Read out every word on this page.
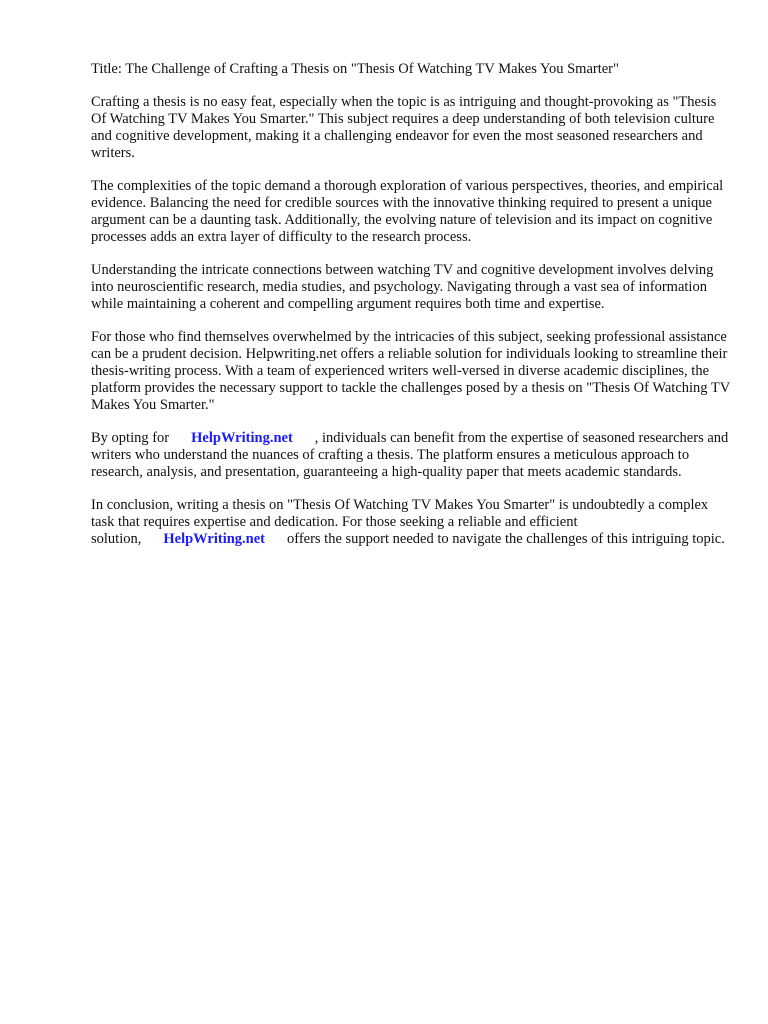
Title: The Challenge of Crafting a Thesis on "Thesis Of Watching TV Makes You Smarter"

Crafting a thesis is no easy feat, especially when the topic is as intriguing and thought-provoking as "Thesis Of Watching TV Makes You Smarter." This subject requires a deep understanding of both television culture and cognitive development, making it a challenging endeavor for even the most seasoned researchers and writers.

The complexities of the topic demand a thorough exploration of various perspectives, theories, and empirical evidence. Balancing the need for credible sources with the innovative thinking required to present a unique argument can be a daunting task. Additionally, the evolving nature of television and its impact on cognitive processes adds an extra layer of difficulty to the research process.

Understanding the intricate connections between watching TV and cognitive development involves delving into neuroscientific research, media studies, and psychology. Navigating through a vast sea of information while maintaining a coherent and compelling argument requires both time and expertise.

For those who find themselves overwhelmed by the intricacies of this subject, seeking professional assistance can be a prudent decision. Helpwriting.net offers a reliable solution for individuals looking to streamline their thesis-writing process. With a team of experienced writers well-versed in diverse academic disciplines, the platform provides the necessary support to tackle the challenges posed by a thesis on "Thesis Of Watching TV Makes You Smarter."

By opting for HelpWriting.net , individuals can benefit from the expertise of seasoned researchers and writers who understand the nuances of crafting a thesis. The platform ensures a meticulous approach to research, analysis, and presentation, guaranteeing a high-quality paper that meets academic standards.

In conclusion, writing a thesis on "Thesis Of Watching TV Makes You Smarter" is undoubtedly a complex task that requires expertise and dedication. For those seeking a reliable and efficient solution, HelpWriting.net offers the support needed to navigate the challenges of this intriguing topic.
